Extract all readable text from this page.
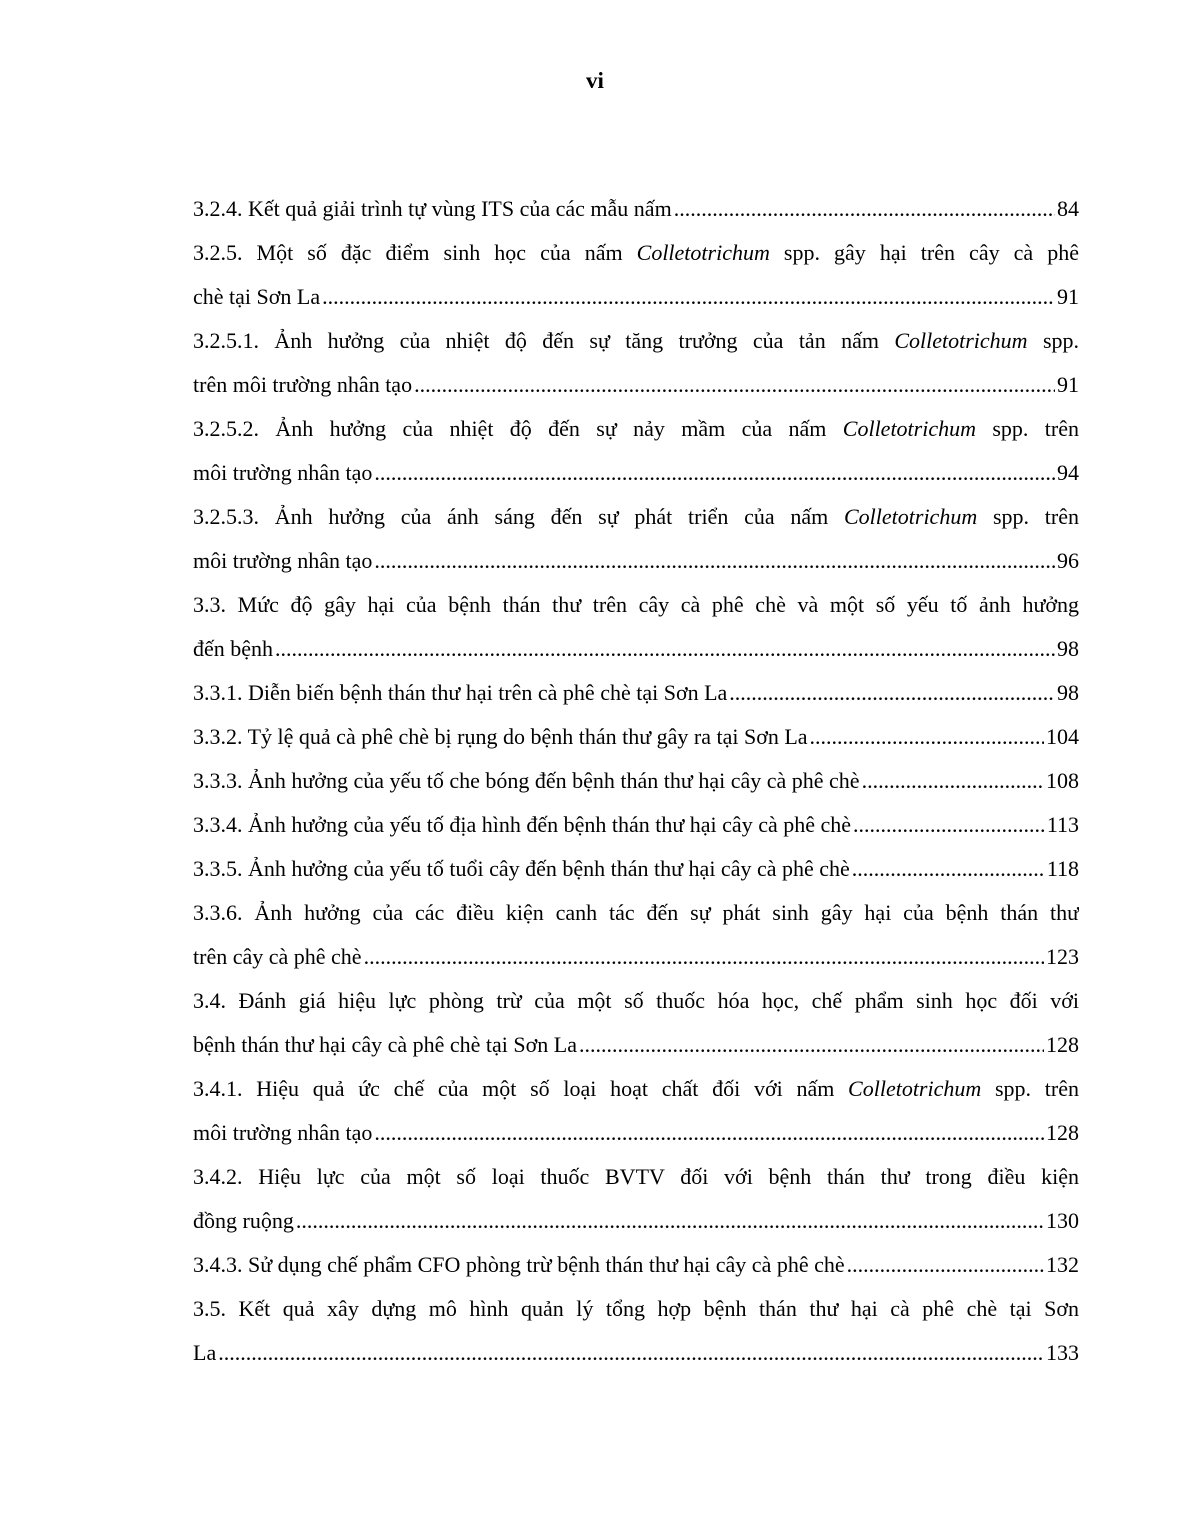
vi
3.2.4. Kết quả giải trình tự vùng ITS của các mẫu nấm .....	84
3.2.5. Một số đặc điểm sinh học của nấm Colletotrichum spp. gây hại trên cây cà phê
chè tại Sơn La .....	91
3.2.5.1. Ảnh hưởng của nhiệt độ đến sự tăng trưởng của tản nấm Colletotrichum spp.
trên môi trường nhân tạo .....	91
3.2.5.2. Ảnh hưởng của nhiệt độ đến sự nảy mầm của nấm Colletotrichum spp. trên
môi trường nhân tạo .....	94
3.2.5.3. Ảnh hưởng của ánh sáng đến sự phát triển của nấm Colletotrichum spp. trên
môi trường nhân tạo .....	96
3.3. Mức độ gây hại của bệnh thán thư trên cây cà phê chè và một số yếu tố ảnh hưởng
đến bệnh .....	98
3.3.1. Diễn biến bệnh thán thư hại trên cà phê chè tại Sơn La .....	98
3.3.2. Tỷ lệ quả cà phê chè bị rụng do bệnh thán thư gây ra tại Sơn La .....	104
3.3.3. Ảnh hưởng của yếu tố che bóng đến bệnh thán thư hại cây cà phê chè .....	108
3.3.4. Ảnh hưởng của yếu tố địa hình đến bệnh thán thư hại cây cà phê chè .....	113
3.3.5. Ảnh hưởng của yếu tố tuổi cây đến bệnh thán thư hại cây cà phê chè .....	118
3.3.6. Ảnh hưởng của các điều kiện canh tác đến sự phát sinh gây hại của bệnh thán thư
trên cây cà phê chè .....	123
3.4. Đánh giá hiệu lực phòng trừ của một số thuốc hóa học, chế phẩm sinh học đối với
bệnh thán thư hại cây cà phê chè tại Sơn La .....	128
3.4.1. Hiệu quả ức chế của một số loại hoạt chất đối với nấm Colletotrichum spp. trên
môi trường nhân tạo .....	128
3.4.2. Hiệu lực của một số loại thuốc BVTV đối với bệnh thán thư trong điều kiện
đồng ruộng .....	130
3.4.3. Sử dụng chế phẩm CFO phòng trừ bệnh thán thư hại cây cà phê chè .....	132
3.5. Kết quả xây dựng mô hình quản lý tổng hợp bệnh thán thư hại cà phê chè tại Sơn
La .....	133
